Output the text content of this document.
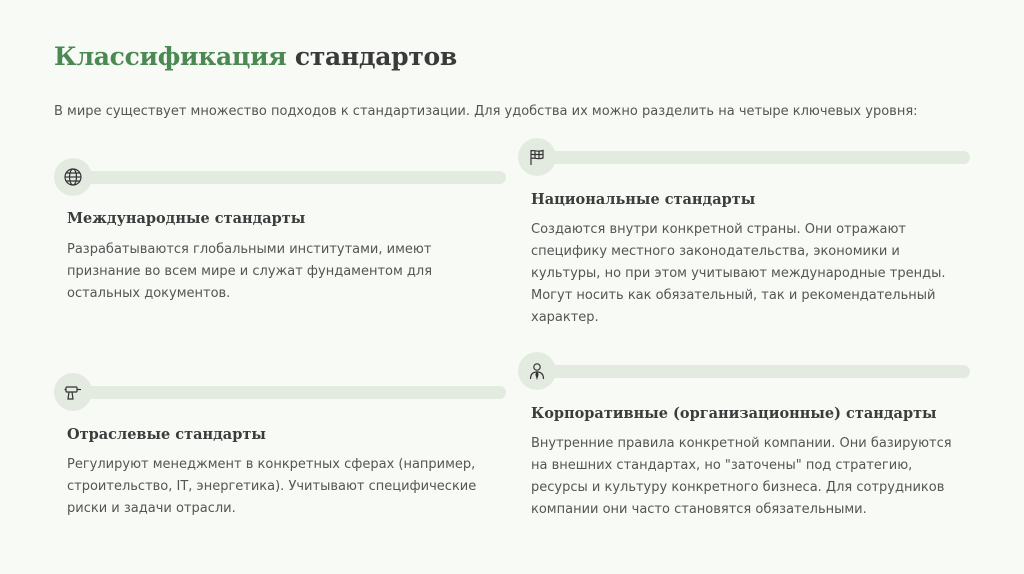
Классификация стандартов

В мире существует множество подходов к стандартизации. Для удобства их можно разделить на четыре ключевых уровня:

Международные стандарты

Разрабатываются глобальными институтами, имеют признание во всем мире и служат фундаментом для остальных документов.

Национальные стандарты

Создаются внутри конкретной страны. Они отражают специфику местного законодательства, экономики и культуры, но при этом учитывают международные тренды. Могут носить как обязательный, так и рекомендательный характер.

Отраслевые стандарты

Регулируют менеджмент в конкретных сферах (например, строительство, IT, энергетика). Учитывают специфические риски и задачи отрасли.

Корпоративные (организационные) стандарты

Внутренние правила конкретной компании. Они базируются на внешних стандартах, но "заточены" под стратегию, ресурсы и культуру конкретного бизнеса. Для сотрудников компании они часто становятся обязательными.
